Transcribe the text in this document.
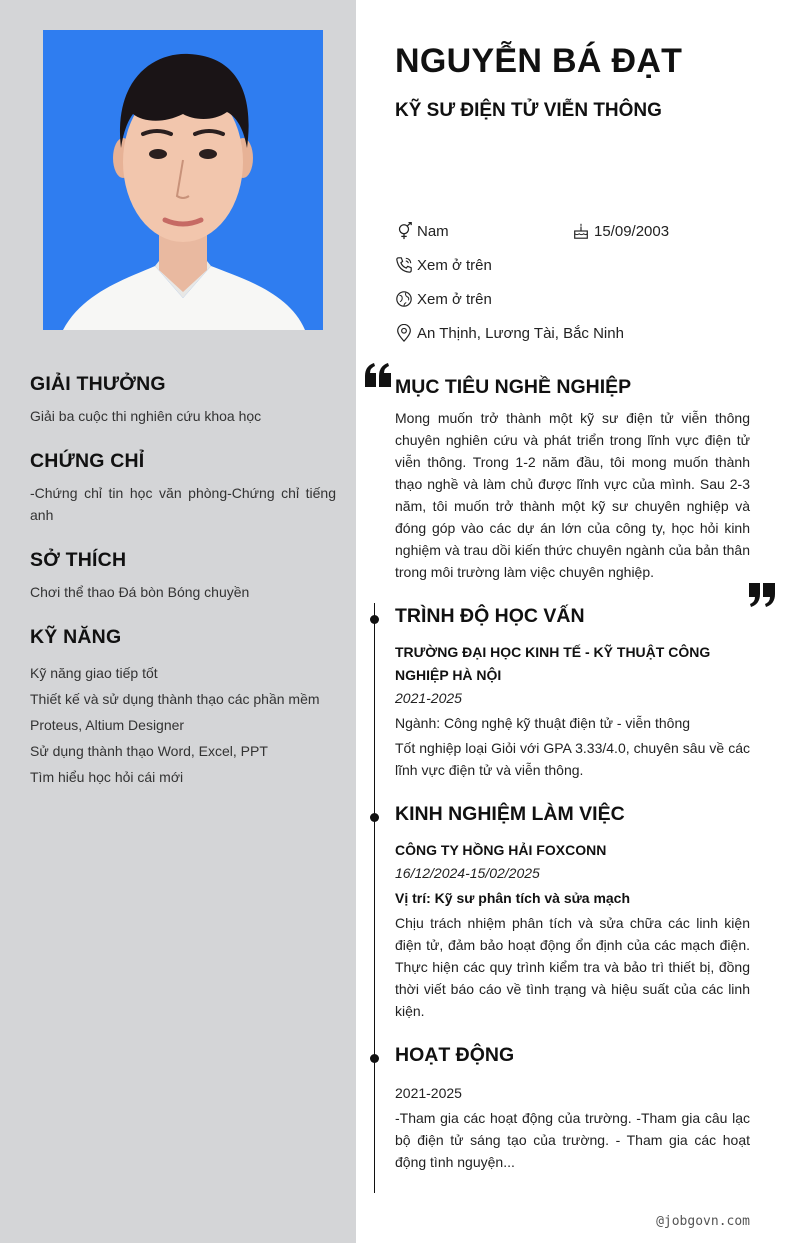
GIẢI THƯỞNG
Giải ba cuộc thi nghiên cứu khoa học
CHỨNG CHỈ
-Chứng chỉ tin học văn phòng-Chứng chỉ tiếng anh
SỞ THÍCH
Chơi thể thao Đá bòn Bóng chuyền
KỸ NĂNG
Kỹ năng giao tiếp tốt
Thiết kế và sử dụng thành thạo các phần mềm
Proteus, Altium Designer
Sử dụng thành thạo Word, Excel, PPT
Tìm hiểu học hỏi cái mới
NGUYỄN BÁ ĐẠT
KỸ SƯ ĐIỆN TỬ VIỄN THÔNG
Nam	15/09/2003
Xem ở trên
Xem ở trên
An Thịnh, Lương Tài, Bắc Ninh
MỤC TIÊU NGHỀ NGHIỆP
Mong muốn trở thành một kỹ sư điện tử viễn thông chuyên nghiên cứu và phát triển trong lĩnh vực điện tử viễn thông. Trong 1-2 năm đầu, tôi mong muốn thành thạo nghề và làm chủ được lĩnh vực của mình. Sau 2-3 năm, tôi muốn trở thành một kỹ sư chuyên nghiệp và đóng góp vào các dự án lớn của công ty, học hỏi kinh nghiệm và trau dồi kiến thức chuyên ngành của bản thân trong môi trường làm việc chuyên nghiệp.
TRÌNH ĐỘ HỌC VẤN
TRƯỜNG ĐẠI HỌC KINH TẾ - KỸ THUẬT CÔNG NGHIỆP HÀ NỘI
2021-2025
Ngành: Công nghệ kỹ thuật điện tử - viễn thông
Tốt nghiệp loại Giỏi với GPA 3.33/4.0, chuyên sâu về các lĩnh vực điện tử và viễn thông.
KINH NGHIỆM LÀM VIỆC
CÔNG TY HỒNG HẢI FOXCONN
16/12/2024-15/02/2025
Vị trí: Kỹ sư phân tích và sửa mạch
Chịu trách nhiệm phân tích và sửa chữa các linh kiện điện tử, đảm bảo hoạt động ổn định của các mạch điện. Thực hiện các quy trình kiểm tra và bảo trì thiết bị, đồng thời viết báo cáo về tình trạng và hiệu suất của các linh kiện.
HOẠT ĐỘNG
2021-2025
-Tham gia các hoạt động của trường. -Tham gia câu lạc bộ điện tử sáng tạo của trường. - Tham gia các hoạt động tình nguyện...
@jobgovn.com
